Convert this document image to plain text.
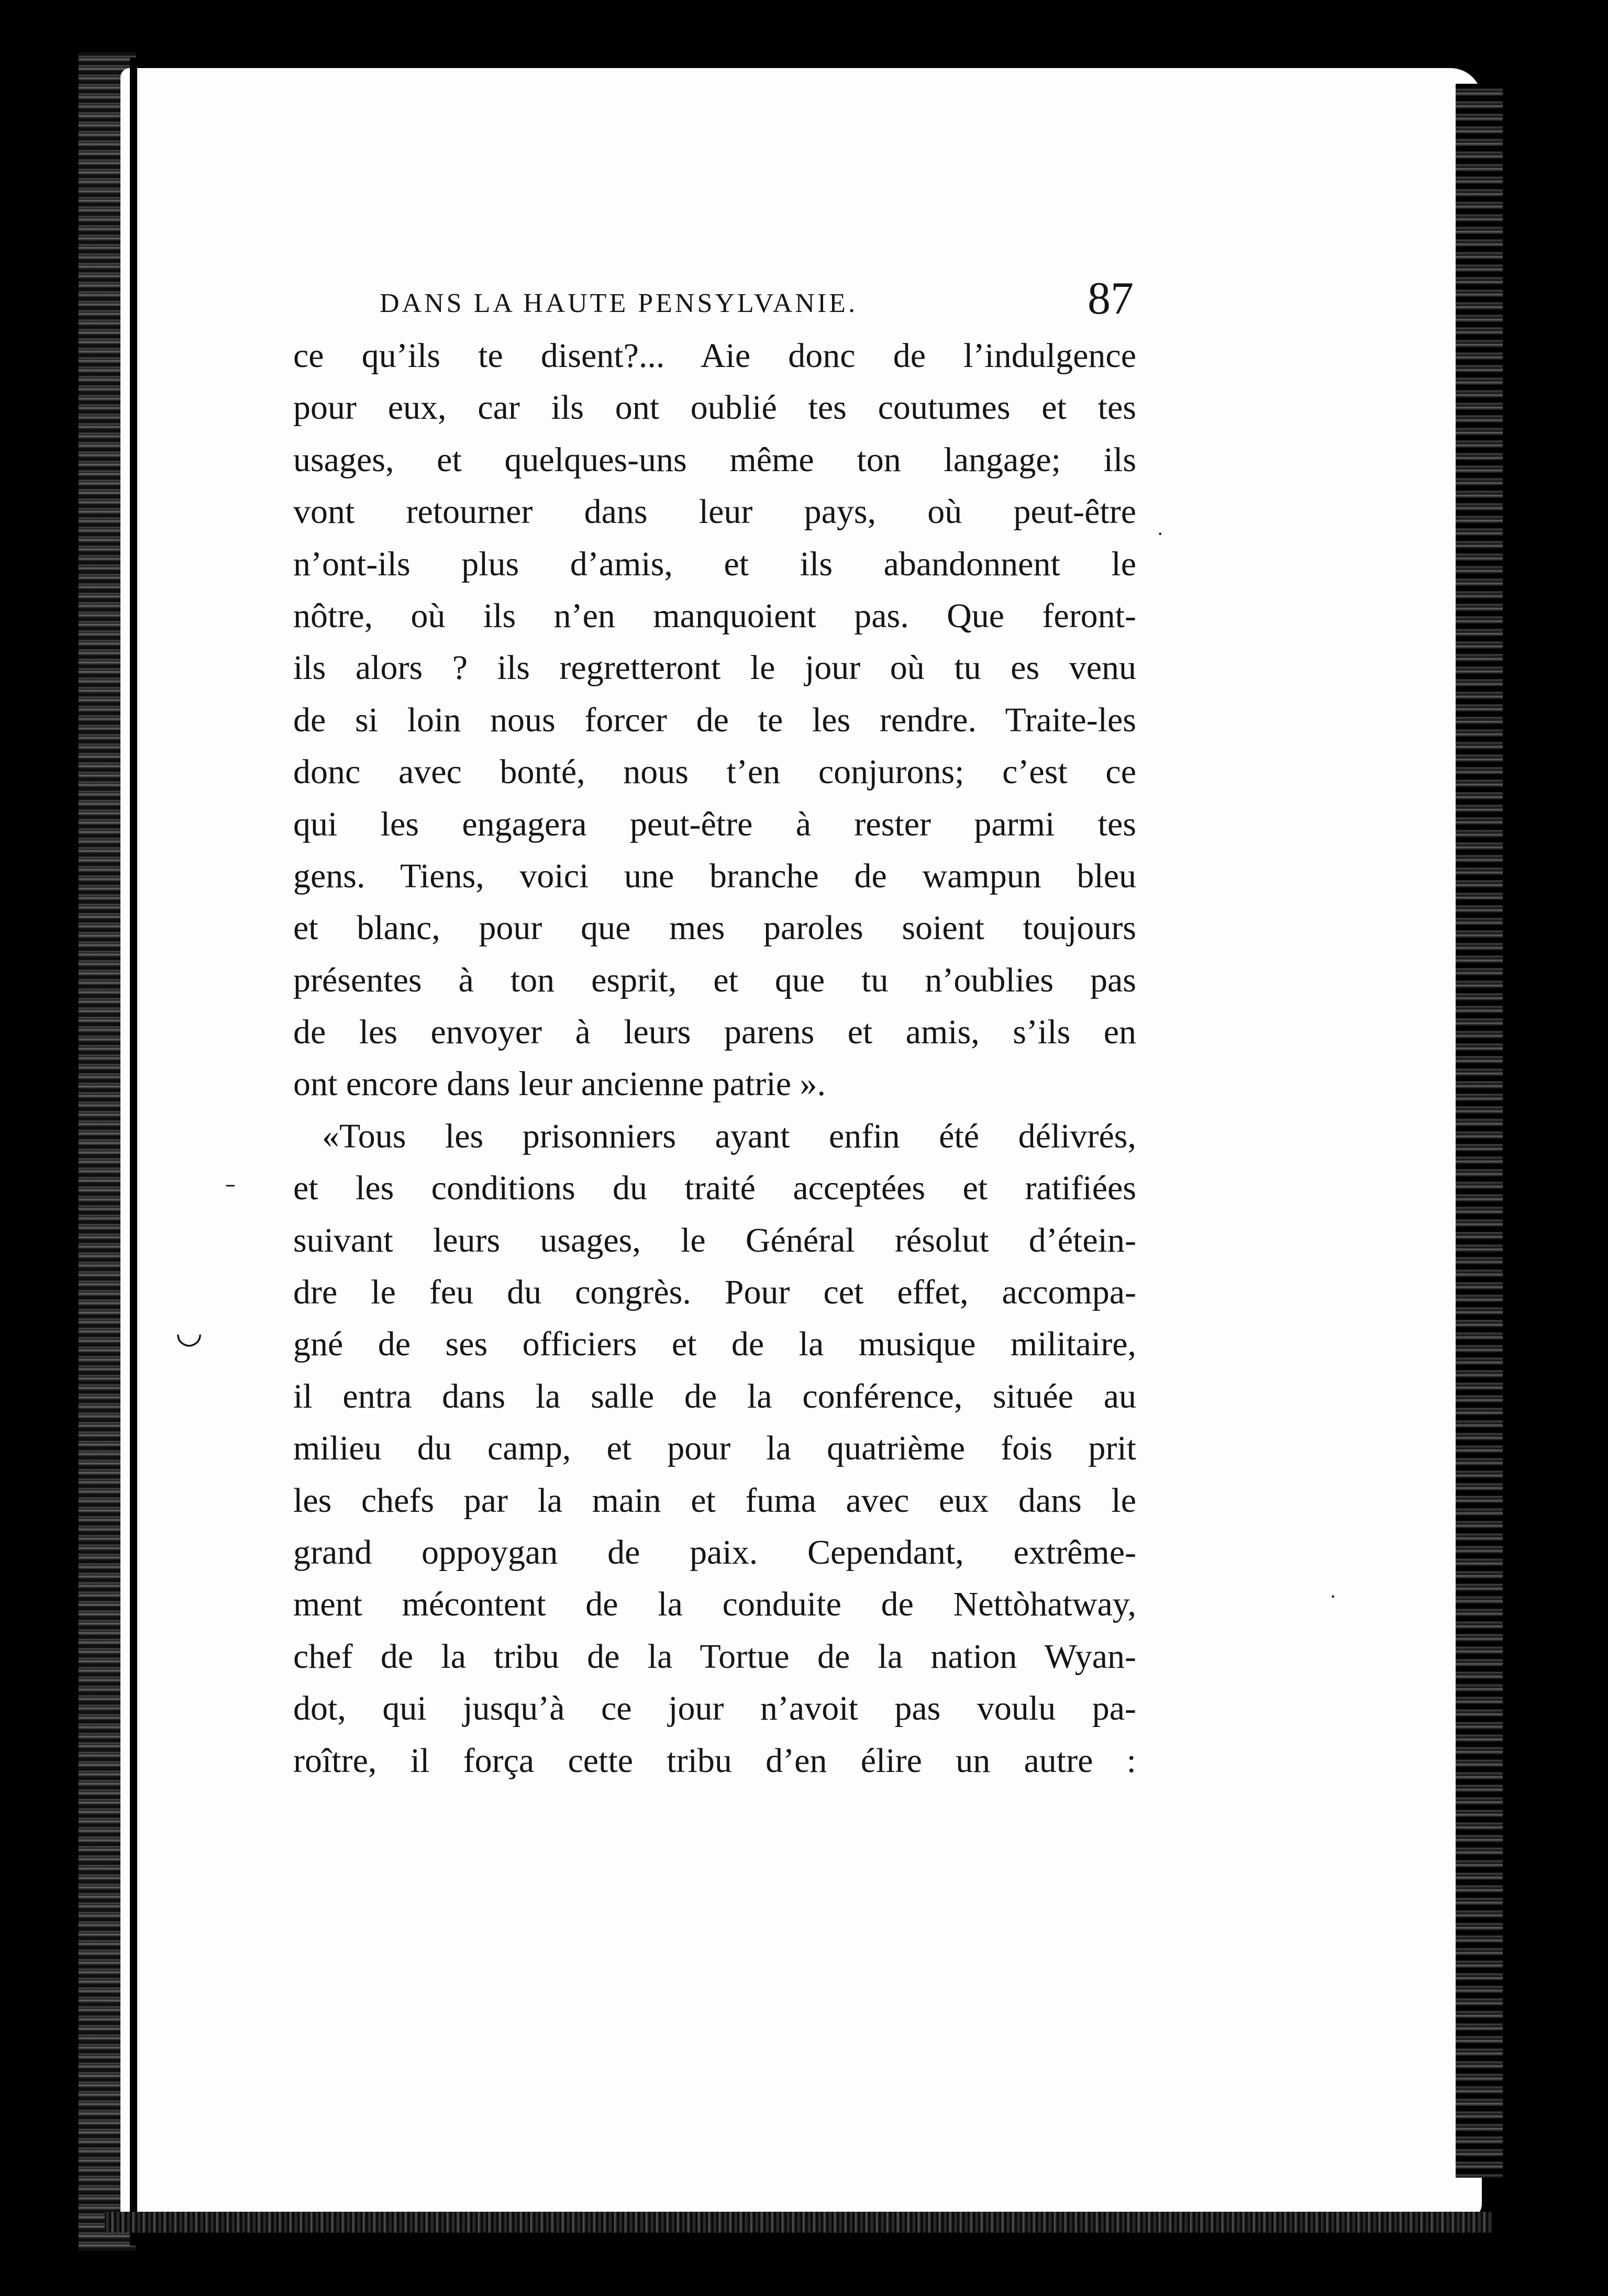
–
◡
·
·
DANS LA HAUTE PENSYLVANIE.	87
ce qu’ils te disent?... Aie donc de l’indulgence
pour eux, car ils ont oublié tes coutumes et tes
usages, et quelques-uns même ton langage; ils
vont retourner dans leur pays, où peut-être
n’ont-ils plus d’amis, et ils abandonnent le
nôtre, où ils n’en manquoient pas. Que feront-
ils alors ? ils regretteront le jour où tu es venu
de si loin nous forcer de te les rendre. Traite-les
donc avec bonté, nous t’en conjurons; c’est ce
qui les engagera peut-être à rester parmi tes
gens. Tiens, voici une branche de wampun bleu
et blanc, pour que mes paroles soient toujours
présentes à ton esprit, et que tu n’oublies pas
de les envoyer à leurs parens et amis, s’ils en
ont encore dans leur ancienne patrie ».
«Tous les prisonniers ayant enfin été délivrés,
et les conditions du traité acceptées et ratifiées
suivant leurs usages, le Général résolut d’étein-
dre le feu du congrès. Pour cet effet, accompa-
gné de ses officiers et de la musique militaire,
il entra dans la salle de la conférence, située au
milieu du camp, et pour la quatrième fois prit
les chefs par la main et fuma avec eux dans le
grand oppoygan de paix. Cependant, extrême-
ment mécontent de la conduite de Nettòhatway,
chef de la tribu de la Tortue de la nation Wyan-
dot, qui jusqu’à ce jour n’avoit pas voulu pa-
roître, il força cette tribu d’en élire un autre :
